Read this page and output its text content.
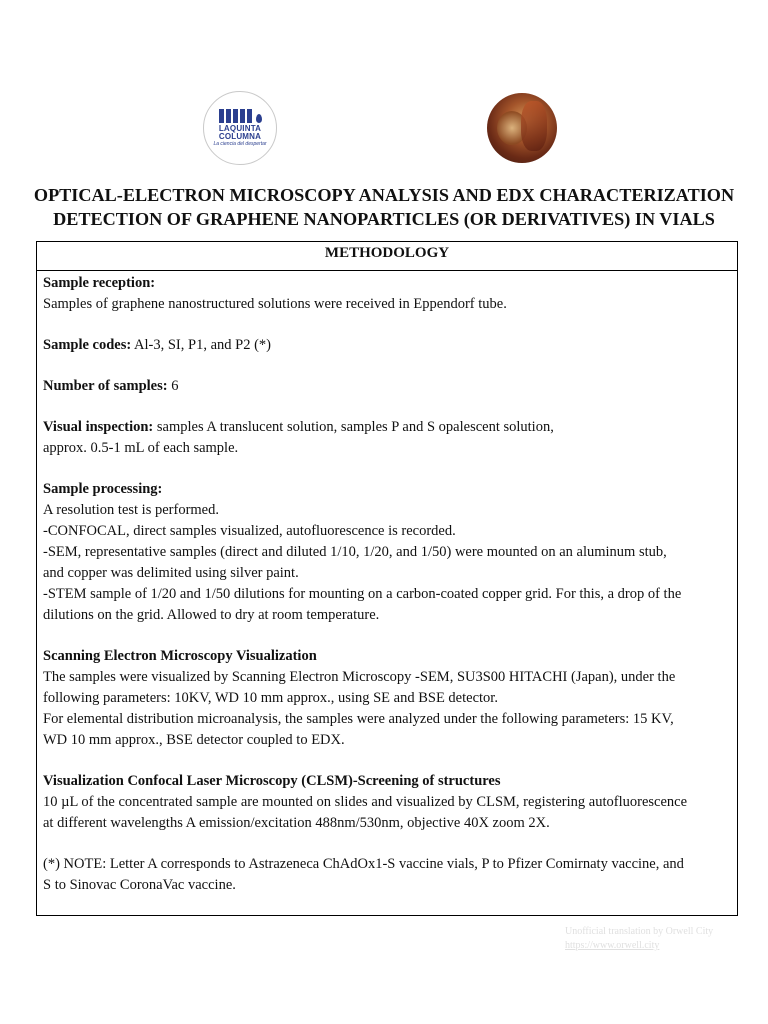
LAQUINTA
COLUMNA
La ciencia del despertar
OPTICAL-ELECTRON MICROSCOPY ANALYSIS AND EDX CHARACTERIZATION
DETECTION OF GRAPHENE NANOPARTICLES (OR DERIVATIVES) IN VIALS
METHODOLOGY

Sample reception:

Samples of graphene nanostructured solutions were received in Eppendorf tube.

Sample codes: Al-3, SI, P1, and P2 (*)

Number of samples: 6

Visual inspection: samples A translucent solution, samples P and S opalescent solution,

approx. 0.5-1 mL of each sample.

Sample processing:

A resolution test is performed.

-CONFOCAL, direct samples visualized, autofluorescence is recorded.

-SEM, representative samples (direct and diluted 1/10, 1/20, and 1/50) were mounted on an aluminum stub,

and copper was delimited using silver paint.

-STEM sample of 1/20 and 1/50 dilutions for mounting on a carbon-coated copper grid. For this, a drop of the

dilutions on the grid. Allowed to dry at room temperature.

Scanning Electron Microscopy Visualization

The samples were visualized by Scanning Electron Microscopy -SEM, SU3S00 HITACHI (Japan), under the

following parameters: 10KV, WD 10 mm approx., using SE and BSE detector.

For elemental distribution microanalysis, the samples were analyzed under the following parameters: 15 KV,

WD 10 mm approx., BSE detector coupled to EDX.

Visualization Confocal Laser Microscopy (CLSM)-Screening of structures

10 µL of the concentrated sample are mounted on slides and visualized by CLSM, registering autofluorescence

at different wavelengths A emission/excitation 488nm/530nm, objective 40X zoom 2X.

(*) NOTE: Letter A corresponds to Astrazeneca ChAdOx1-S vaccine vials, P to Pfizer Comirnaty vaccine, and

S to Sinovac CoronaVac vaccine.

Unofficial translation by Orwell City
https://www.orwell.city
